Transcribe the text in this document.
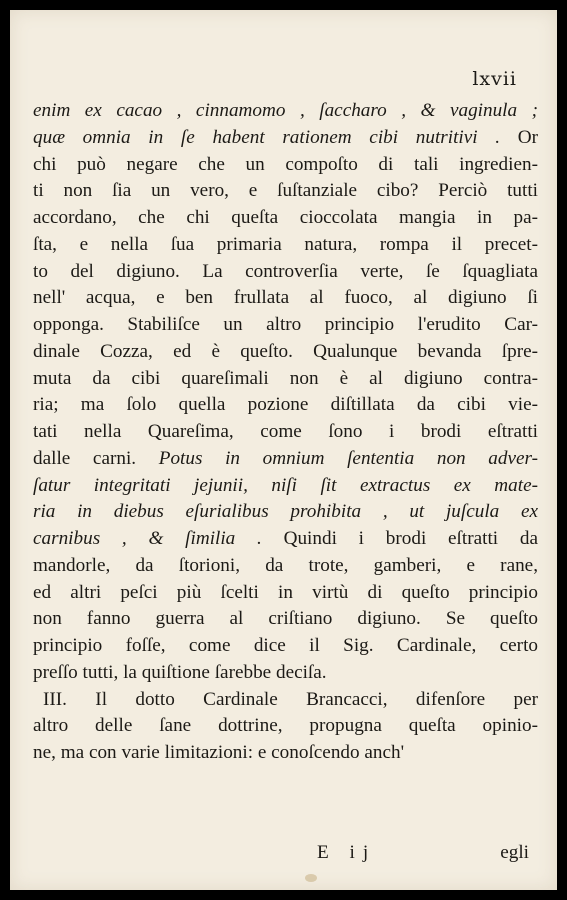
lxvii
enim ex cacao , cinnamomo , ſaccharo , & vaginula ;
quæ omnia in ſe habent rationem cibi nutritivi . Or
chi può negare che un compoſto di tali ingredien-
ti non ſia un vero, e ſuſtanziale cibo? Perciò tutti
accordano, che chi queſta cioccolata mangia in pa-
ſta, e nella ſua primaria natura, rompa il precet-
to del digiuno. La controverſia verte, ſe ſquagliata
nell' acqua, e ben frullata al fuoco, al digiuno ſi
opponga. Stabiliſce un altro principio l'erudito Car-
dinale Cozza, ed è queſto. Qualunque bevanda ſpre-
muta da cibi quareſimali non è al digiuno contra-
ria; ma ſolo quella pozione diſtillata da cibi vie-
tati nella Quareſima, come ſono i brodi eſtratti
dalle carni. Potus in omnium ſententia non adver-
ſatur integritati jejunii, niſi ſit extractus ex mate-
ria in diebus eſurialibus prohibita , ut juſcula ex
carnibus , & ſimilia . Quindi i brodi eſtratti da
mandorle, da ſtorioni, da trote, gamberi, e rane,
ed altri peſci più ſcelti in virtù di queſto principio
non fanno guerra al criſtiano digiuno. Se queſto
principio foſſe, come dice il Sig. Cardinale, certo
preſſo tutti, la quiſtione ſarebbe deciſa.
III. Il dotto Cardinale Brancacci, difenſore per
altro delle ſane dottrine, propugna queſta opinio-
ne, ma con varie limitazioni: e conoſcendo anch'
E ij	egli
